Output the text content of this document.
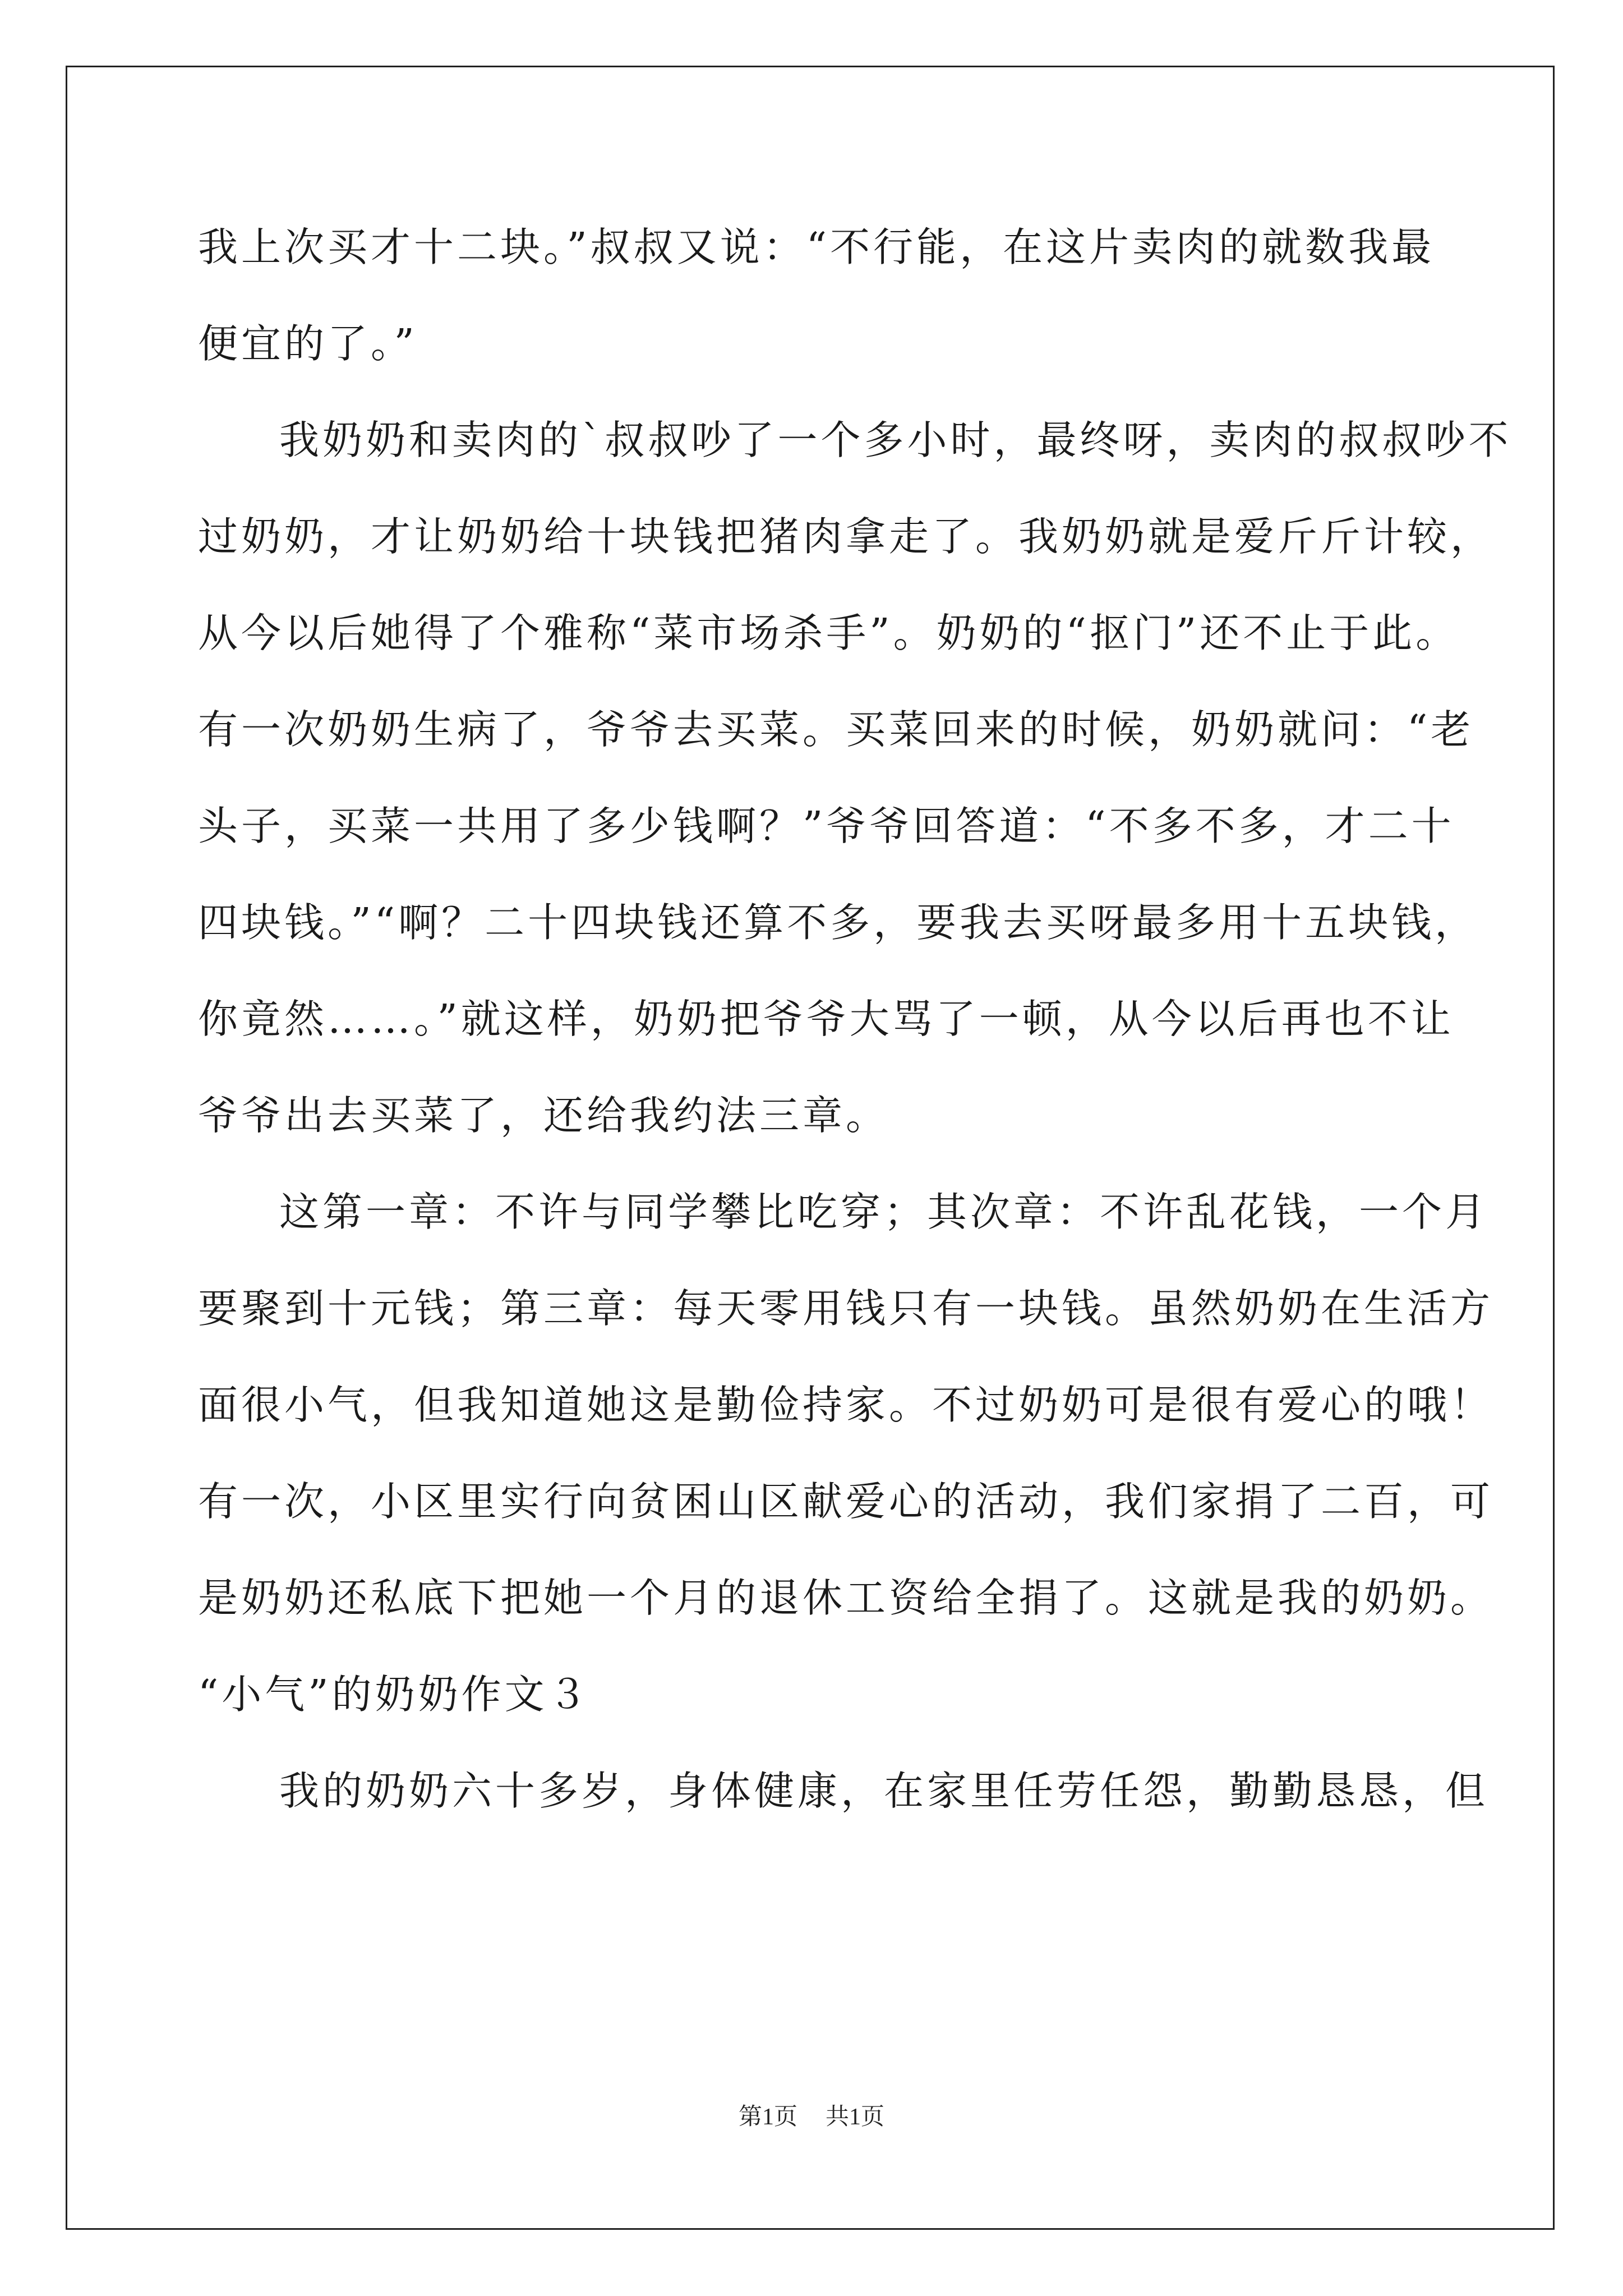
我上次买才十二块。”叔叔又说：“不行能，在这片卖肉的就数我最
便宜的了。”
我奶奶和卖肉的`叔叔吵了一个多小时，最终呀，卖肉的叔叔吵不
过奶奶，才让奶奶给十块钱把猪肉拿走了。我奶奶就是爱斤斤计较，
从今以后她得了个雅称“菜市场杀手”。奶奶的“抠门”还不止于此。
有一次奶奶生病了，爷爷去买菜。买菜回来的时候，奶奶就问：“老
头子，买菜一共用了多少钱啊？”爷爷回答道：“不多不多，才二十
四块钱。”“啊？二十四块钱还算不多，要我去买呀最多用十五块钱，
你竟然……。”就这样，奶奶把爷爷大骂了一顿，从今以后再也不让
爷爷出去买菜了，还给我约法三章。
这第一章：不许与同学攀比吃穿；其次章：不许乱花钱，一个月
要聚到十元钱；第三章：每天零用钱只有一块钱。虽然奶奶在生活方
面很小气，但我知道她这是勤俭持家。不过奶奶可是很有爱心的哦！
有一次，小区里实行向贫困山区献爱心的活动，我们家捐了二百，可
是奶奶还私底下把她一个月的退休工资给全捐了。这就是我的奶奶。
“小气”的奶奶作文３
我的奶奶六十多岁，身体健康，在家里任劳任怨，勤勤恳恳，但
第1页 共1页
